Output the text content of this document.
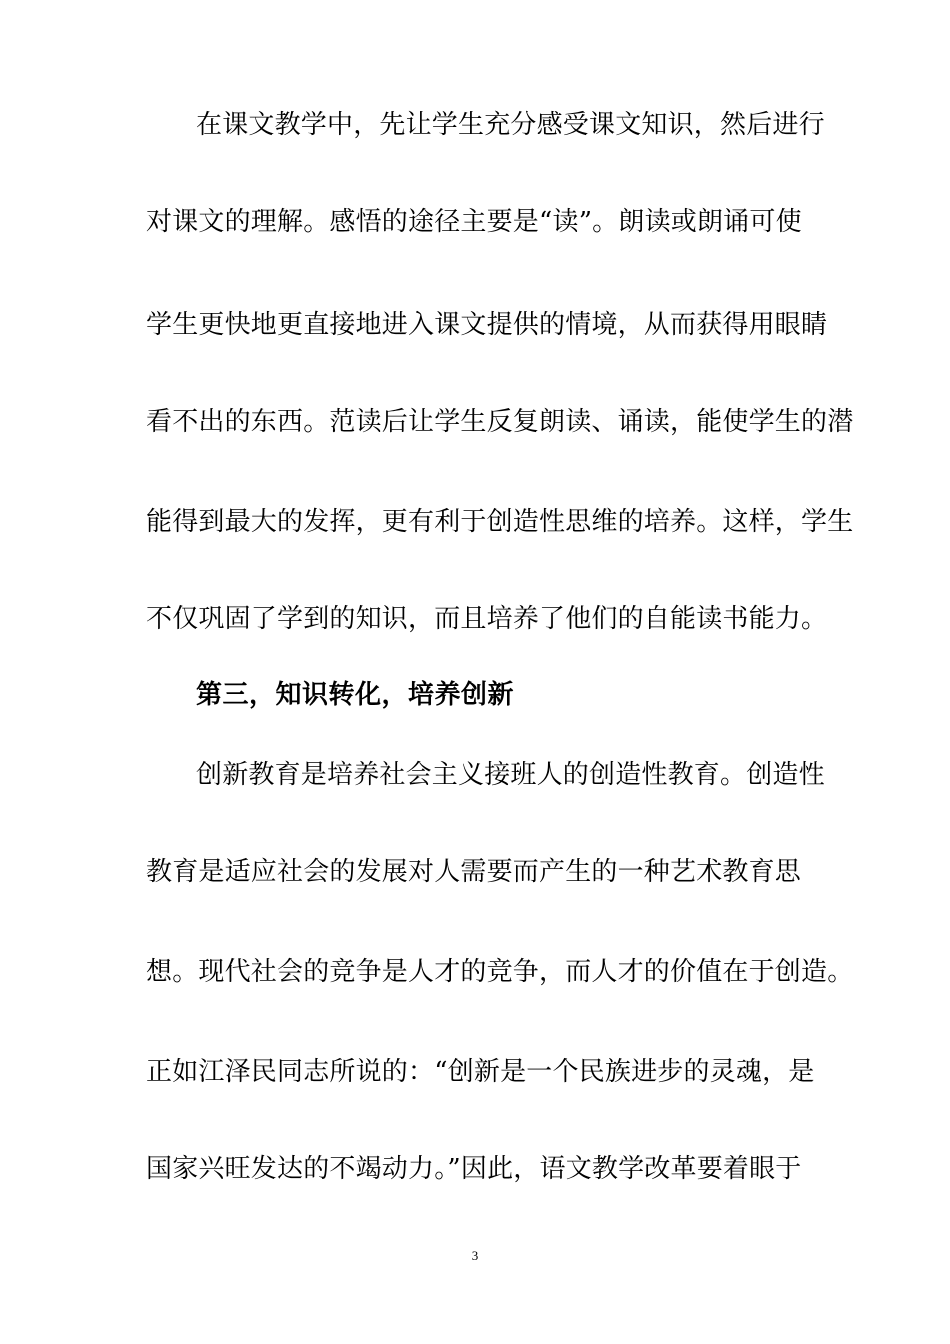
在课文教学中，先让学生充分感受课文知识，然后进行
对课文的理解。感悟的途径主要是“读”。朗读或朗诵可使
学生更快地更直接地进入课文提供的情境，从而获得用眼睛
看不出的东西。范读后让学生反复朗读、诵读，能使学生的潜
能得到最大的发挥，更有利于创造性思维的培养。这样，学生
不仅巩固了学到的知识，而且培养了他们的自能读书能力。
第三，知识转化，培养创新
创新教育是培养社会主义接班人的创造性教育。创造性
教育是适应社会的发展对人需要而产生的一种艺术教育思
想。现代社会的竞争是人才的竞争，而人才的价值在于创造。
正如江泽民同志所说的：“创新是一个民族进步的灵魂，是
国家兴旺发达的不竭动力。”因此，语文教学改革要着眼于
3
